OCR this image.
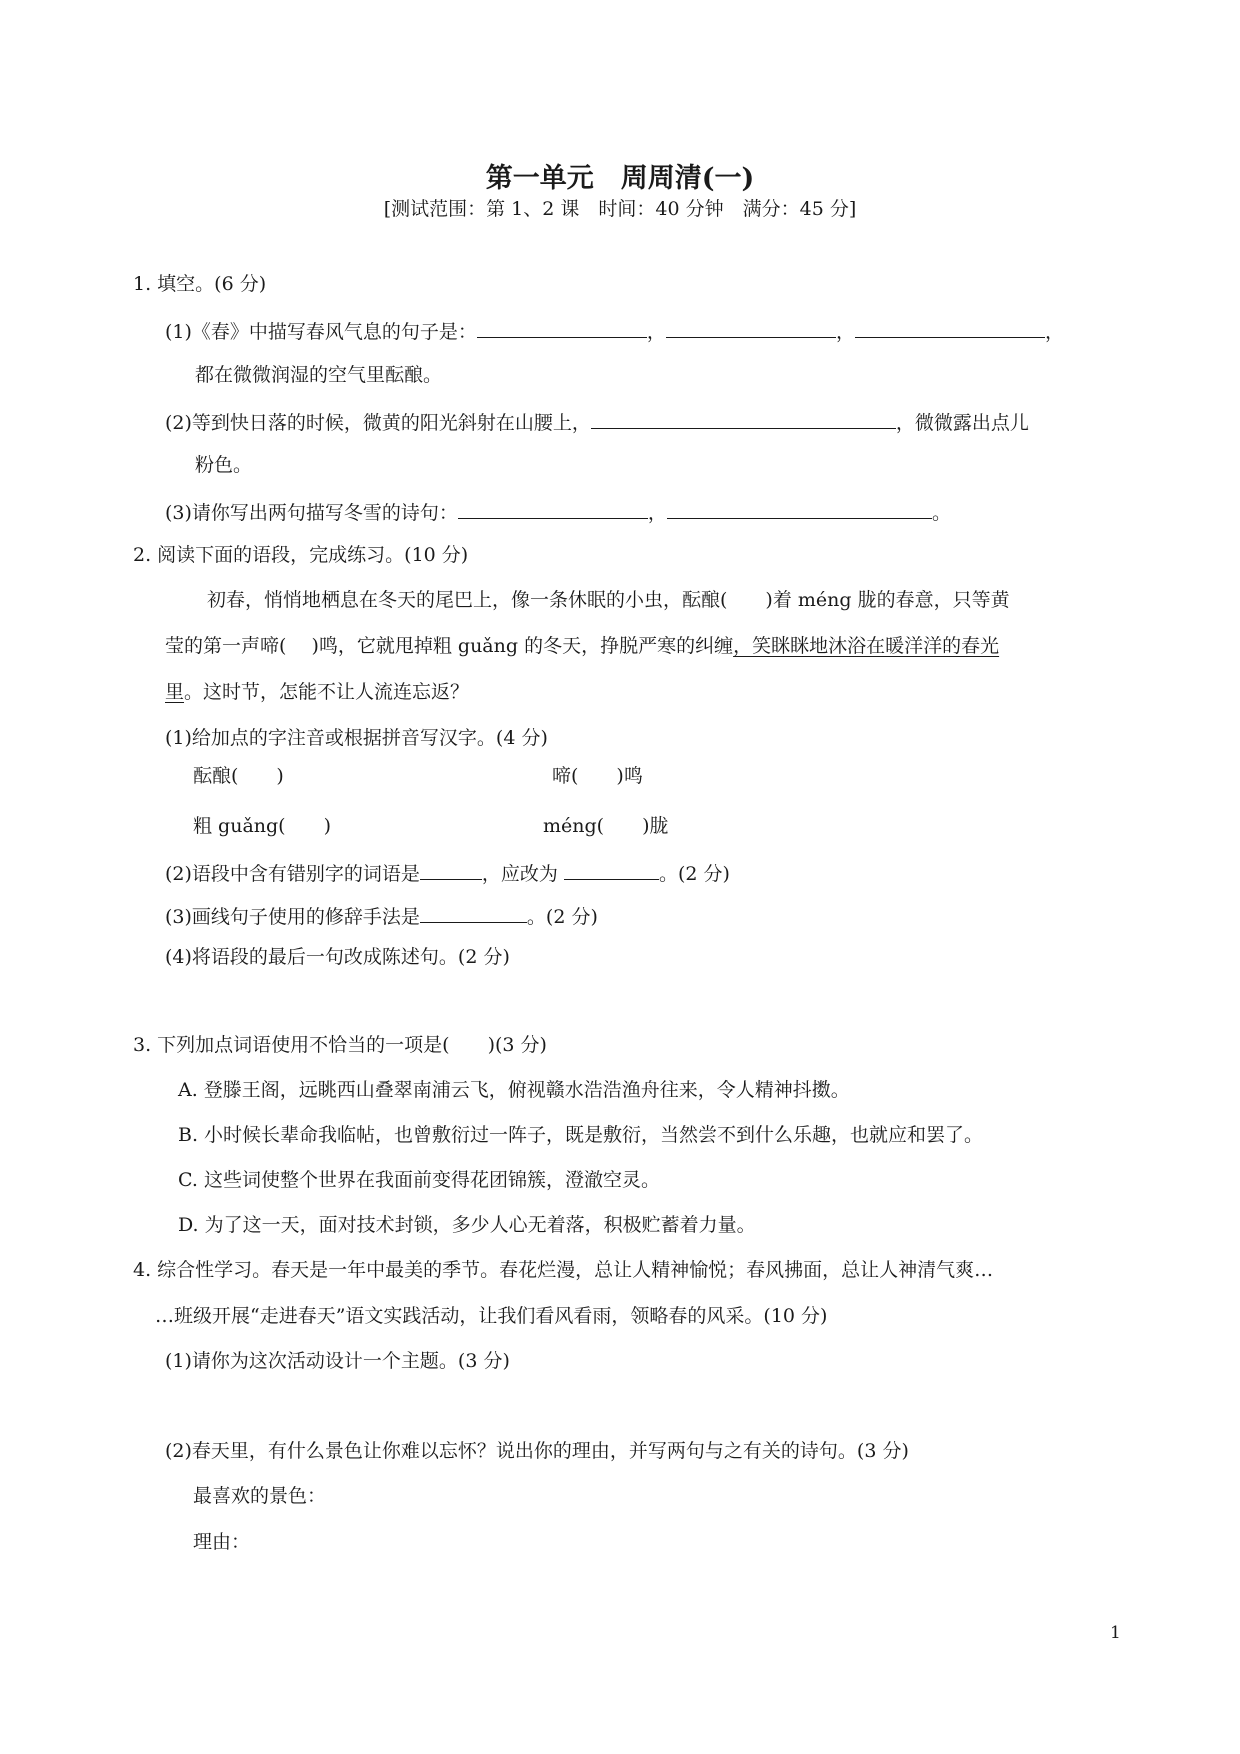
第一单元　周周清(一)
[测试范围：第 1、2 课　时间：40 分钟　满分：45 分]
1. 填空。(6 分)
(1)《春》中描写春风气息的句子是：	，	，	，
都在微微润湿的空气里酝酿。
(2)等到快日落的时候，微黄的阳光斜射在山腰上，	，微微露出点儿
粉色。
(3)请你写出两句描写冬雪的诗句：	，	。
2. 阅读下面的语段，完成练习。(10 分)
初春，悄悄地栖息在冬天的尾巴上，像一条休眠的小虫，酝酿(　　)着 méng 胧的春意，只等黄
莹的第一声啼(　 )鸣，它就甩掉粗 guǎng 的冬天，挣脱严寒的纠缠，笑眯眯地沐浴在暖洋洋的春光
里。这时节，怎能不让人流连忘返？
(1)给加点的字注音或根据拼音写汉字。(4 分)
酝酿(　　)	啼(　　)鸣
粗 guǎng(　　)	méng(　　)胧
(2)语段中含有错别字的词语是	，应改为	。(2 分)
(3)画线句子使用的修辞手法是	。(2 分)
(4)将语段的最后一句改成陈述句。(2 分)
3. 下列加点词语使用不恰当的一项是(　　)(3 分)
A. 登滕王阁，远眺西山叠翠南浦云飞，俯视赣水浩浩渔舟往来，令人精神抖擞。
B. 小时候长辈命我临帖，也曾敷衍过一阵子，既是敷衍，当然尝不到什么乐趣，也就应和罢了。
C. 这些词使整个世界在我面前变得花团锦簇，澄澈空灵。
D. 为了这一天，面对技术封锁，多少人心无着落，积极贮蓄着力量。
4. 综合性学习。春天是一年中最美的季节。春花烂漫，总让人精神愉悦；春风拂面，总让人神清气爽…
…班级开展“走进春天”语文实践活动，让我们看风看雨，领略春的风采。(10 分)
(1)请你为这次活动设计一个主题。(3 分)
(2)春天里，有什么景色让你难以忘怀？说出你的理由，并写两句与之有关的诗句。(3 分)
最喜欢的景色：
理由：
1
